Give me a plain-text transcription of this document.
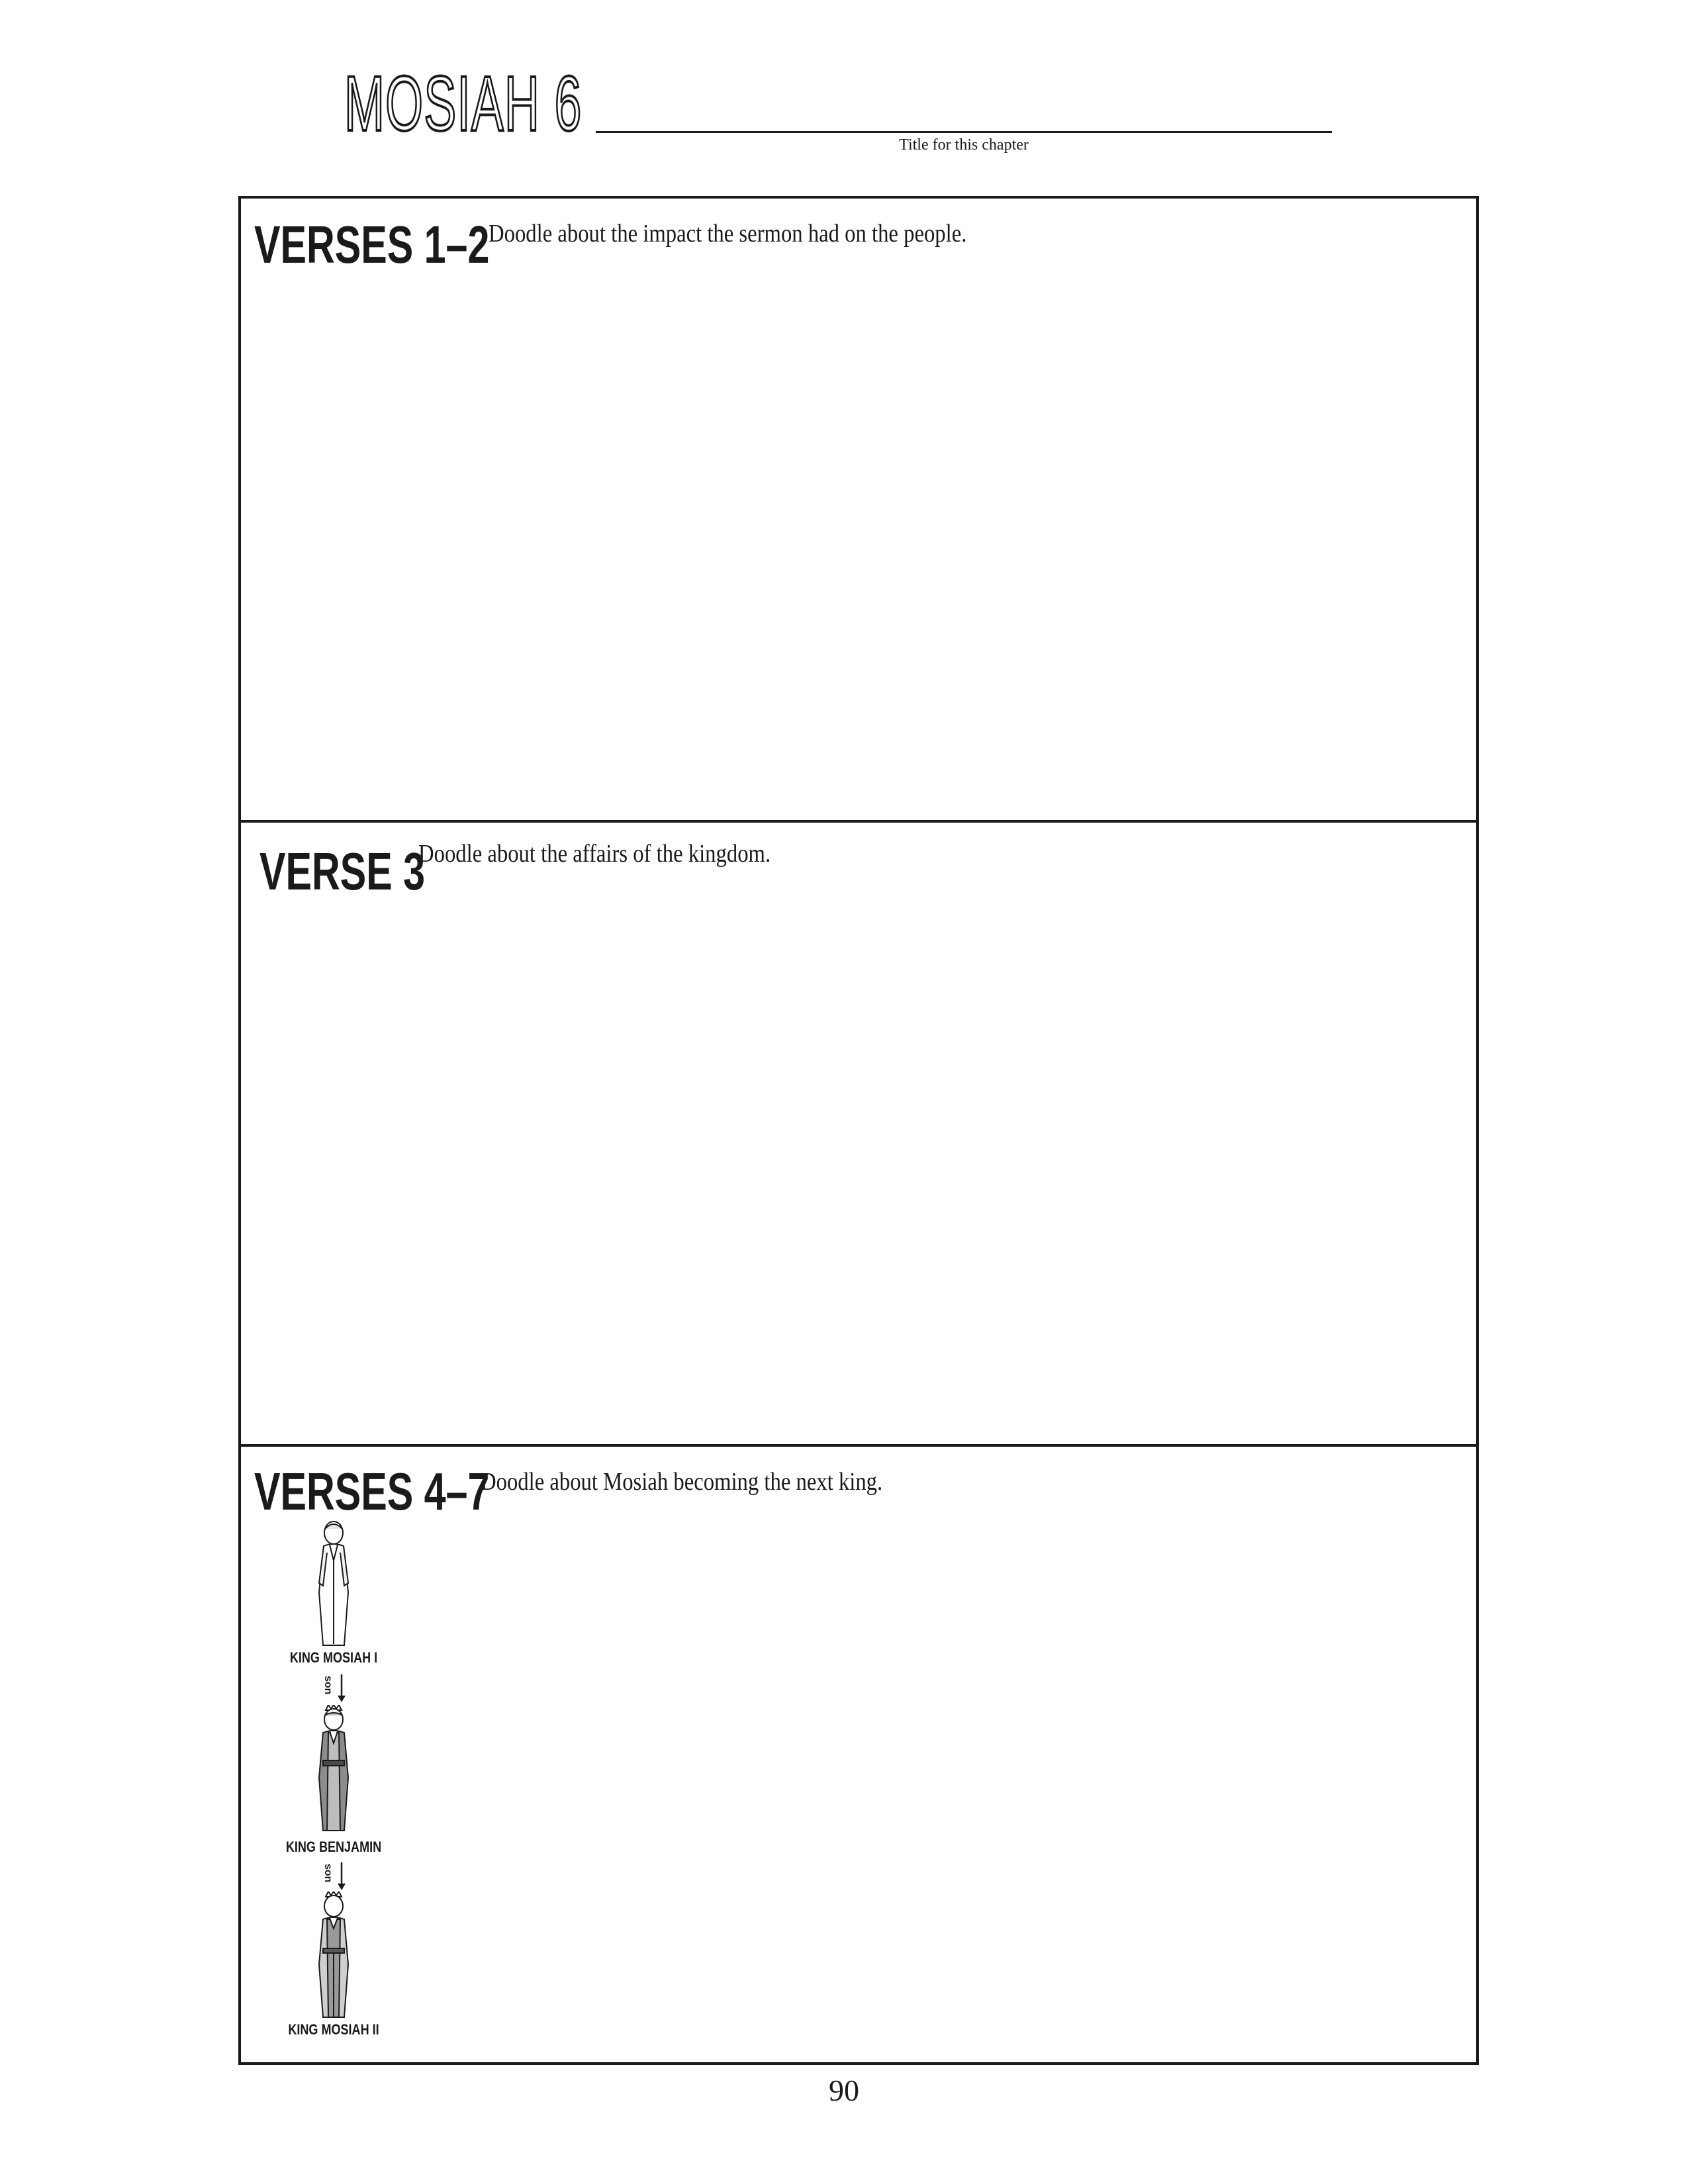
MOSIAH 6	Title for this chapter
VERSES 1–2
Doodle about the impact the sermon had on the people.
VERSE 3
Doodle about the affairs of the kingdom.
VERSES 4–7
Doodle about Mosiah becoming the next king.
KING MOSIAH I
son
KING BENJAMIN
son
KING MOSIAH II
90
